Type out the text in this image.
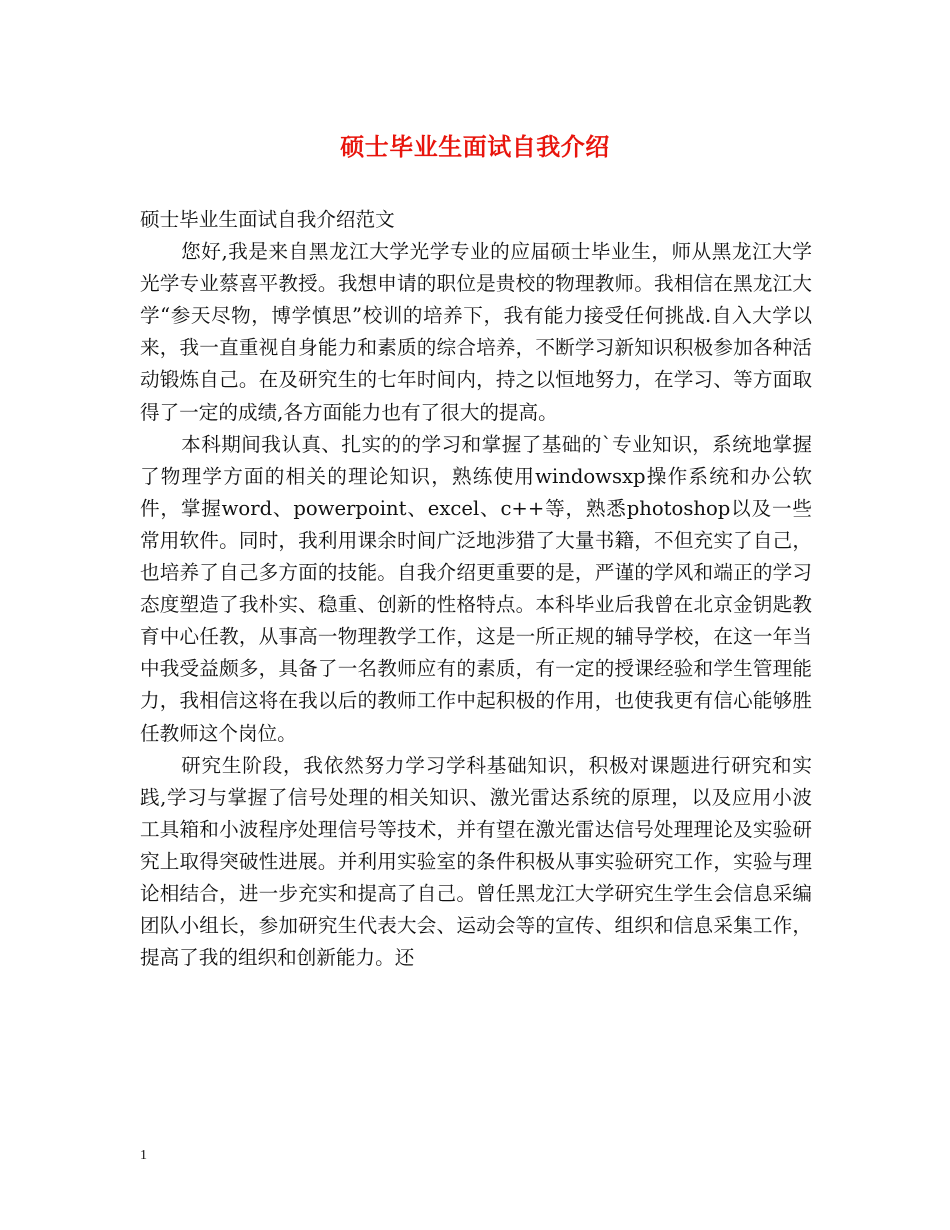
硕士毕业生面试自我介绍

硕士毕业生面试自我介绍范文

您好,我是来自黑龙江大学光学专业的应届硕士毕业生，师从黑龙江大学光学专业蔡喜平教授。我想申请的职位是贵校的物理教师。我相信在黑龙江大学“参天尽物，博学慎思”校训的培养下，我有能力接受任何挑战.自入大学以来，我一直重视自身能力和素质的综合培养，不断学习新知识积极参加各种活动锻炼自己。在及研究生的七年时间内，持之以恒地努力，在学习、等方面取得了一定的成绩,各方面能力也有了很大的提高。

本科期间我认真、扎实的的学习和掌握了基础的`专业知识，系统地掌握了物理学方面的相关的理论知识，熟练使用windowsxp操作系统和办公软件，掌握word、powerpoint、excel、c++等，熟悉photoshop以及一些常用软件。同时，我利用课余时间广泛地涉猎了大量书籍，不但充实了自己，也培养了自己多方面的技能。自我介绍更重要的是，严谨的学风和端正的学习态度塑造了我朴实、稳重、创新的性格特点。本科毕业后我曾在北京金钥匙教育中心任教，从事高一物理教学工作，这是一所正规的辅导学校，在这一年当中我受益颇多，具备了一名教师应有的素质，有一定的授课经验和学生管理能力，我相信这将在我以后的教师工作中起积极的作用，也使我更有信心能够胜任教师这个岗位。

研究生阶段，我依然努力学习学科基础知识，积极对课题进行研究和实践,学习与掌握了信号处理的相关知识、激光雷达系统的原理，以及应用小波工具箱和小波程序处理信号等技术，并有望在激光雷达信号处理理论及实验研究上取得突破性进展。并利用实验室的条件积极从事实验研究工作，实验与理论相结合，进一步充实和提高了自己。曾任黑龙江大学研究生学生会信息采编团队小组长，参加研究生代表大会、运动会等的宣传、组织和信息采集工作，提高了我的组织和创新能力。还

1
